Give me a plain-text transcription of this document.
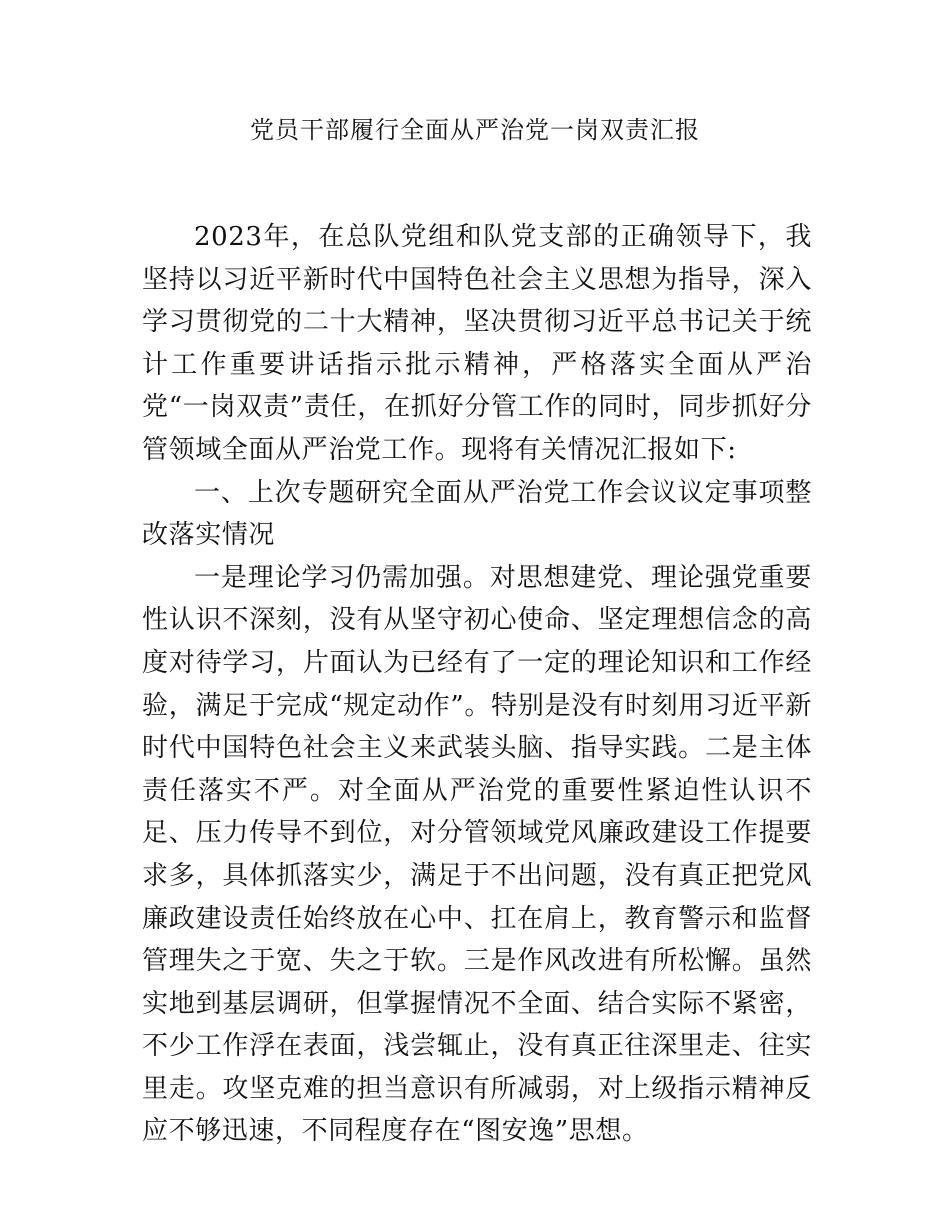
党员干部履行全面从严治党一岗双责汇报

2023年，在总队党组和队党支部的正确领导下，我坚持以习近平新时代中国特色社会主义思想为指导，深入学习贯彻党的二十大精神，坚决贯彻习近平总书记关于统计工作重要讲话指示批示精神，严格落实全面从严治党“一岗双责”责任，在抓好分管工作的同时，同步抓好分管领域全面从严治党工作。现将有关情况汇报如下:

一、上次专题研究全面从严治党工作会议议定事项整改落实情况

一是理论学习仍需加强。对思想建党、理论强党重要性认识不深刻，没有从坚守初心使命、坚定理想信念的高度对待学习，片面认为已经有了一定的理论知识和工作经验，满足于完成“规定动作”。特别是没有时刻用习近平新时代中国特色社会主义来武装头脑、指导实践。二是主体责任落实不严。对全面从严治党的重要性紧迫性认识不足、压力传导不到位，对分管领域党风廉政建设工作提要求多，具体抓落实少，满足于不出问题，没有真正把党风廉政建设责任始终放在心中、扛在肩上，教育警示和监督管理失之于宽、失之于软。三是作风改进有所松懈。虽然实地到基层调研，但掌握情况不全面、结合实际不紧密，不少工作浮在表面，浅尝辄止，没有真正往深里走、往实里走。攻坚克难的担当意识有所减弱，对上级指示精神反应不够迅速，不同程度存在“图安逸”思想。
